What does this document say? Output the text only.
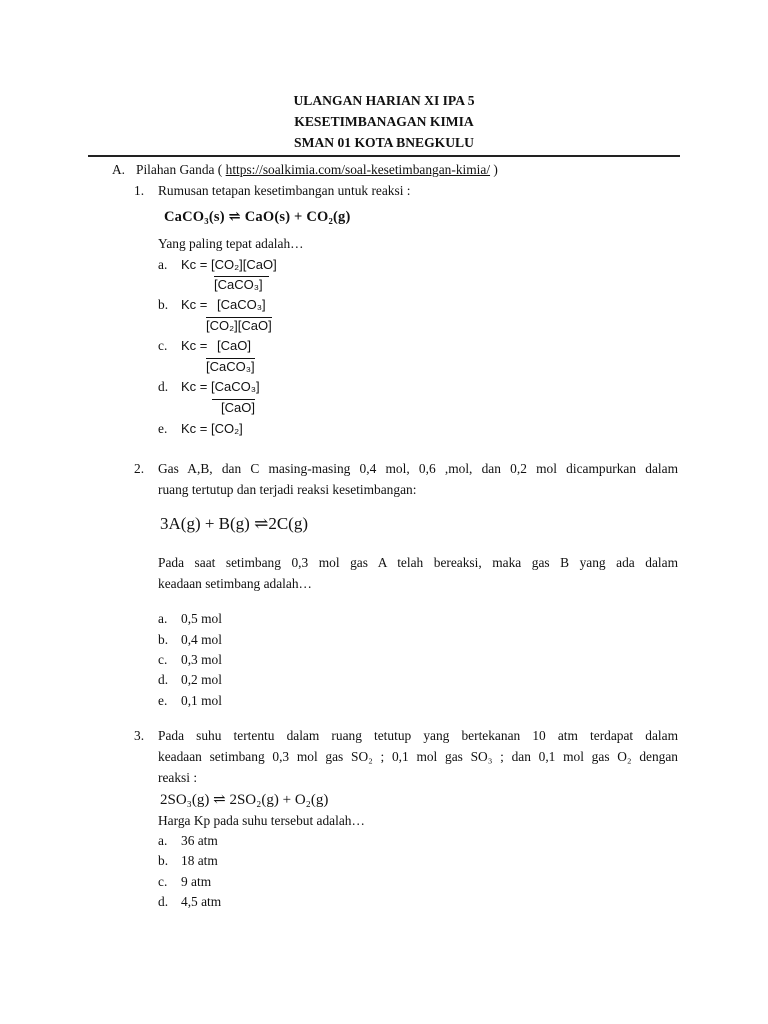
ULANGAN HARIAN XI IPA 5
KESETIMBANAGAN KIMIA
SMAN 01 KOTA BNEGKULU
A. Pilahan Ganda ( https://soalkimia.com/soal-kesetimbangan-kimia/ )
1. Rumusan tetapan kesetimbangan untuk reaksi :
CaCO₃(s) ⇌ CaO(s) + CO₂(g)
Yang paling tepat adalah…
a. Kc = [CO₂][CaO]
[CaCO₃]
b. Kc = [CaCO₃]
[CO₂][CaO]
c. Kc = [CaO]
[CaCO₃]
d. Kc = [CaCO₃]
[CaO]
e. Kc = [CO₂]
2. Gas A,B, dan C masing-masing 0,4 mol, 0,6 ,mol, dan 0,2 mol dicampurkan dalam
ruang tertutup dan terjadi reaksi kesetimbangan:
3A(g) + B(g) ⇌2C(g)
Pada saat setimbang 0,3 mol gas A telah bereaksi, maka gas B yang ada dalam
keadaan setimbang adalah…
a. 0,5 mol
b. 0,4 mol
c. 0,3 mol
d. 0,2 mol
e. 0,1 mol
3. Pada suhu tertentu dalam ruang tetutup yang bertekanan 10 atm terdapat dalam
keadaan setimbang 0,3 mol gas SO₂ ; 0,1 mol gas SO₃ ; dan 0,1 mol gas O₂ dengan
reaksi :
2SO₃(g) ⇌ 2SO₂(g) + O₂(g)
Harga Kp pada suhu tersebut adalah…
a. 36 atm
b. 18 atm
c. 9 atm
d. 4,5 atm
